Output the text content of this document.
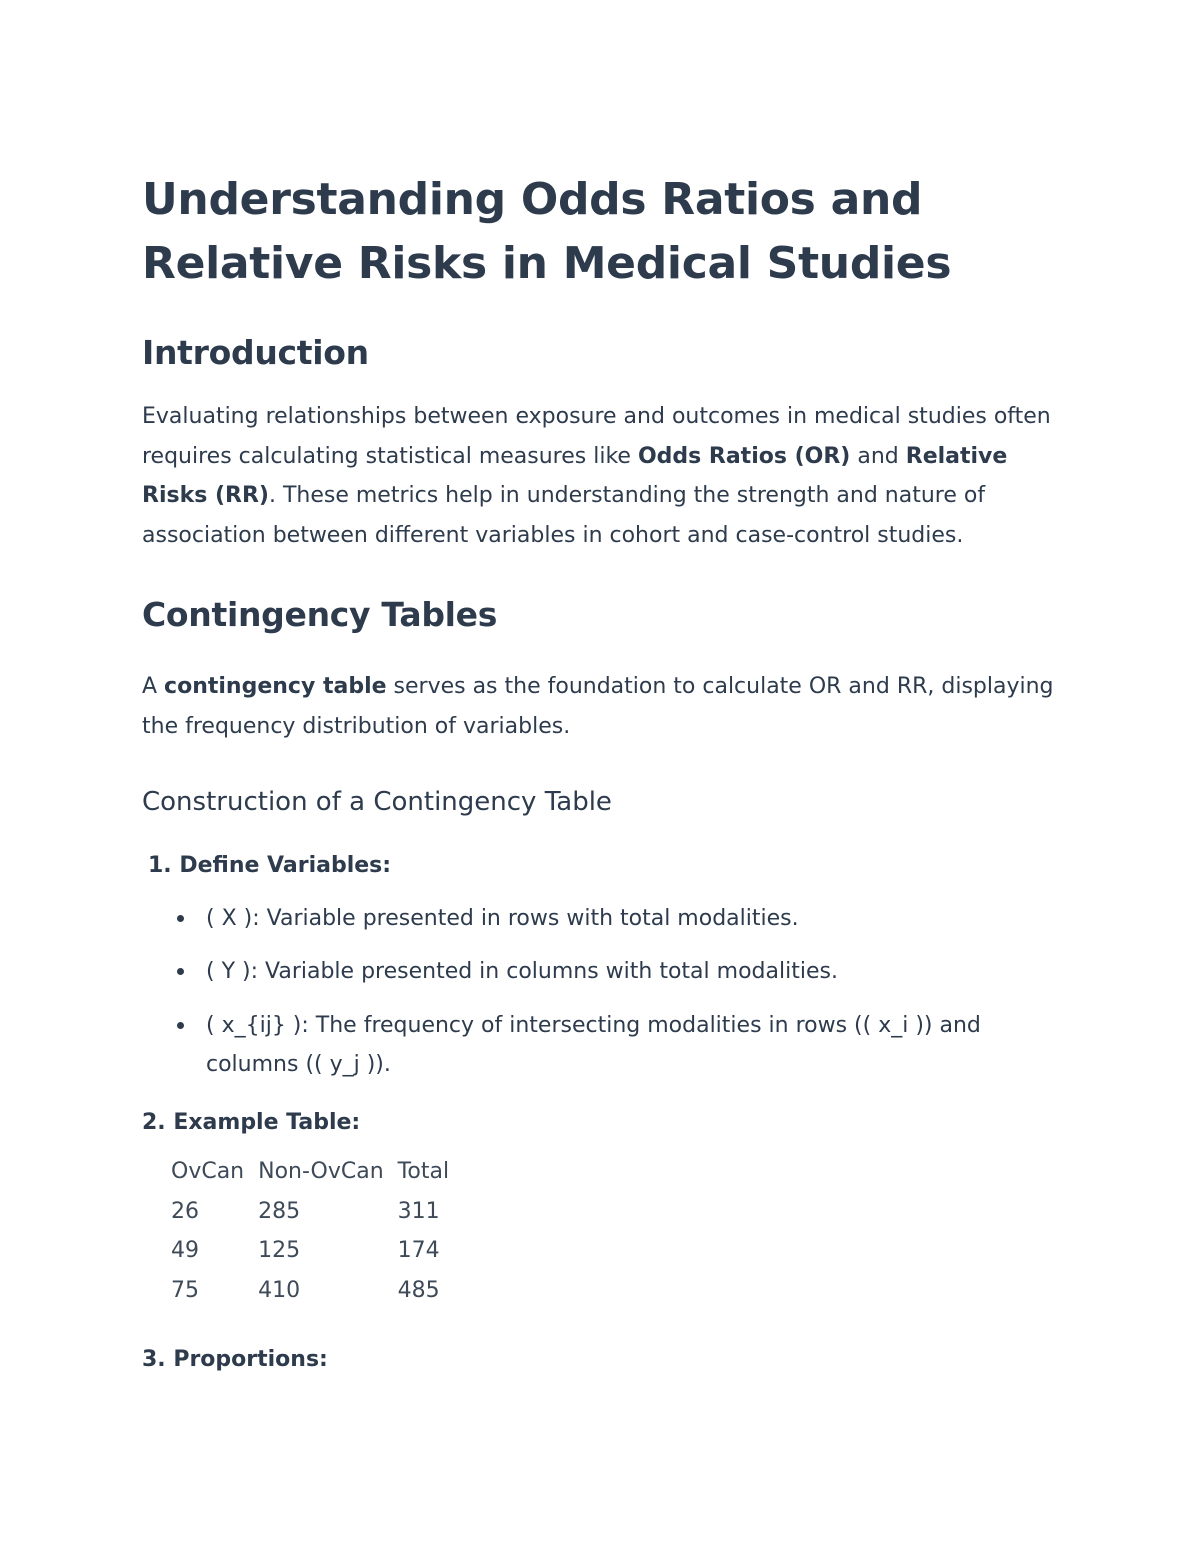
Understanding Odds Ratios and Relative Risks in Medical Studies
Introduction

Evaluating relationships between exposure and outcomes in medical studies often requires calculating statistical measures like Odds Ratios (OR) and Relative Risks (RR). These metrics help in understanding the strength and nature of association between different variables in cohort and case-control studies.

Contingency Tables

A contingency table serves as the foundation to calculate OR and RR, displaying the frequency distribution of variables.

Construction of a Contingency Table
1. Define Variables:
( X ): Variable presented in rows with total modalities.
( Y ): Variable presented in columns with total modalities.
( x_{ij} ): The frequency of intersecting modalities in rows (( x_i )) and columns (( y_j )).
2. Example Table:
OvCan	Non-OvCan	Total
26	285	311
49	125	174
75	410	485
3. Proportions:
